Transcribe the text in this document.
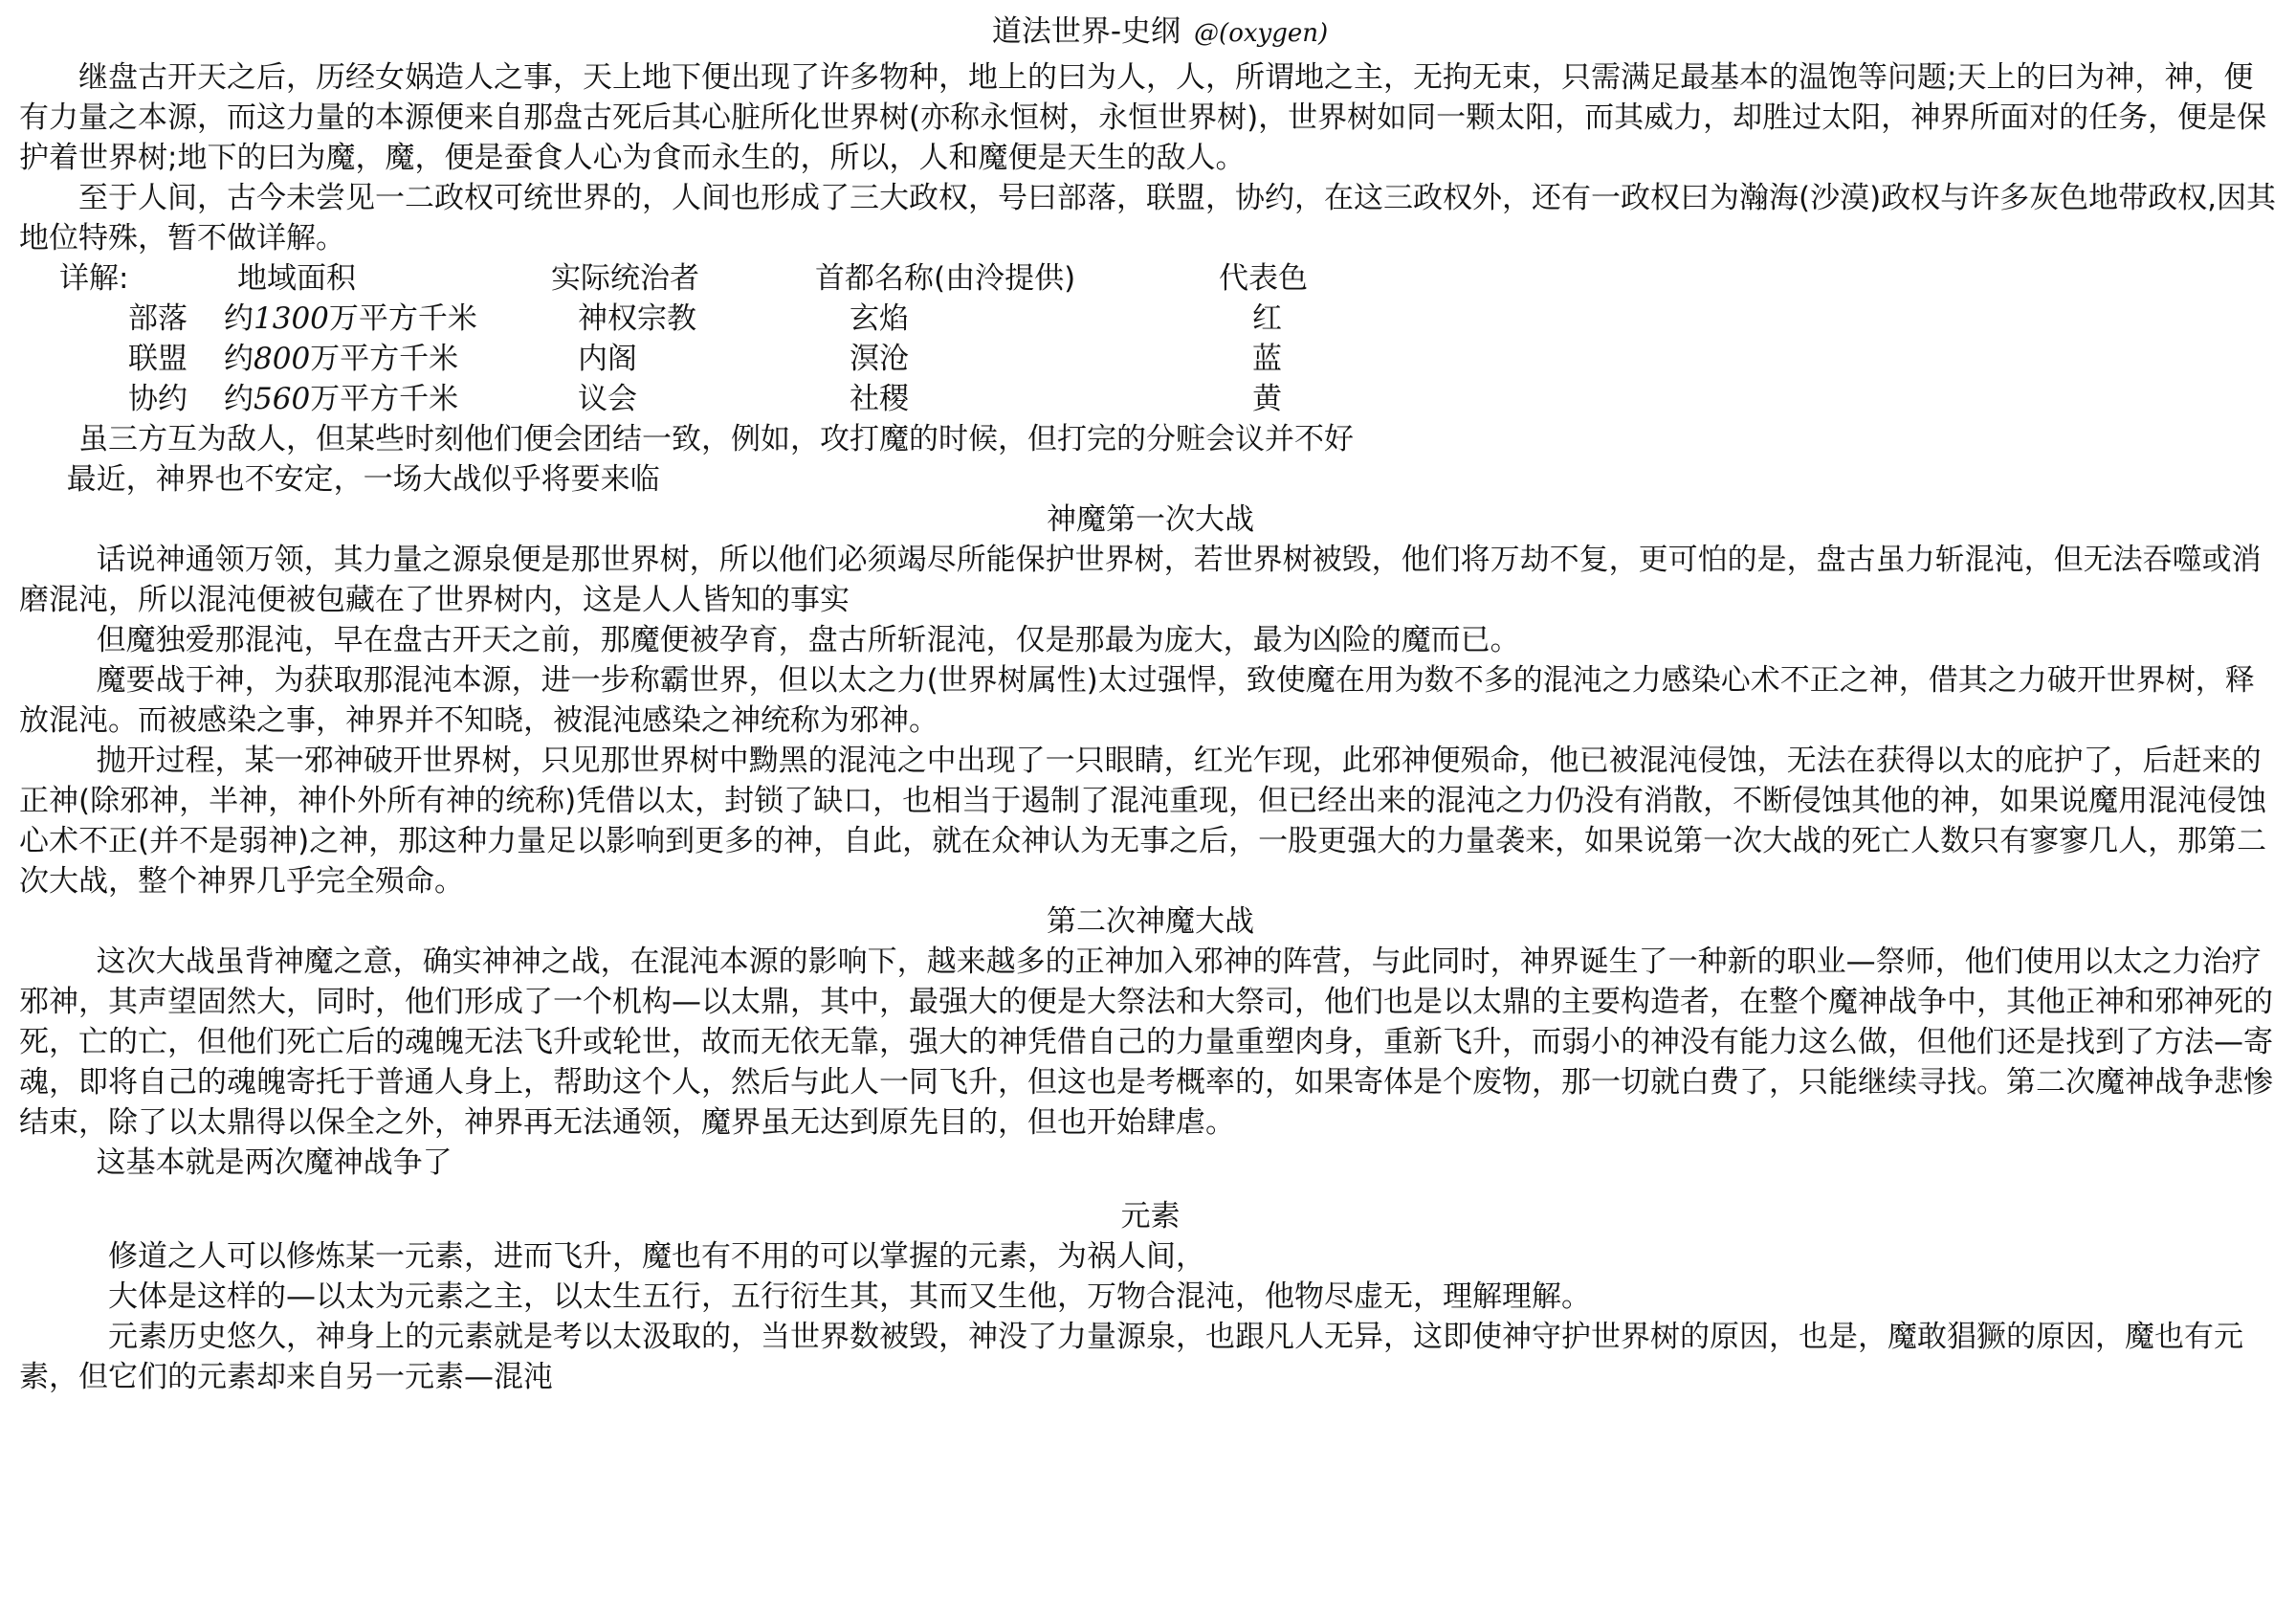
道法世界-史纲 @(oxygen)

继盘古开天之后，历经女娲造人之事，天上地下便出现了许多物种，地上的曰为人，人，所谓地之主，无拘无束，只需满足最基本的温饱等问题;天上的曰为神，神，便有力量之本源，而这力量的本源便来自那盘古死后其心脏所化世界树(亦称永恒树，永恒世界树)，世界树如同一颗太阳，而其威力，却胜过太阳，神界所面对的任务，便是保护着世界树;地下的曰为魔，魔，便是蚕食人心为食而永生的，所以，人和魔便是天生的敌人。

至于人间，古今未尝见一二政权可统世界的，人间也形成了三大政权，号曰部落，联盟，协约，在这三政权外，还有一政权曰为瀚海(沙漠)政权与许多灰色地带政权,因其地位特殊，暂不做详解。

详解:	地域面积	实际统治者	首都名称(由泠提供)	代表色
部落 约1300万平方千米	神权宗教	玄焰	红
联盟 约800万平方千米	内阁	溟沧	蓝
协约 约560万平方千米	议会	社稷	黄

虽三方互为敌人，但某些时刻他们便会团结一致，例如，攻打魔的时候，但打完的分赃会议并不好

最近，神界也不安定，一场大战似乎将要来临

神魔第一次大战

话说神通领万领，其力量之源泉便是那世界树，所以他们必须竭尽所能保护世界树，若世界树被毁，他们将万劫不复，更可怕的是，盘古虽力斩混沌，但无法吞噬或消磨混沌，所以混沌便被包藏在了世界树内，这是人人皆知的事实

但魔独爱那混沌，早在盘古开天之前，那魔便被孕育，盘古所斩混沌，仅是那最为庞大，最为凶险的魔而已。

魔要战于神，为获取那混沌本源，进一步称霸世界，但以太之力(世界树属性)太过强悍，致使魔在用为数不多的混沌之力感染心术不正之神，借其之力破开世界树，释放混沌。而被感染之事，神界并不知晓，被混沌感染之神统称为邪神。

抛开过程，某一邪神破开世界树，只见那世界树中黝黑的混沌之中出现了一只眼睛，红光乍现，此邪神便殒命，他已被混沌侵蚀，无法在获得以太的庇护了，后赶来的正神(除邪神，半神，神仆外所有神的统称)凭借以太，封锁了缺口，也相当于遏制了混沌重现，但已经出来的混沌之力仍没有消散，不断侵蚀其他的神，如果说魔用混沌侵蚀心术不正(并不是弱神)之神，那这种力量足以影响到更多的神，自此，就在众神认为无事之后，一股更强大的力量袭来，如果说第一次大战的死亡人数只有寥寥几人，那第二次大战，整个神界几乎完全殒命。

第二次神魔大战

这次大战虽背神魔之意，确实神神之战，在混沌本源的影响下，越来越多的正神加入邪神的阵营，与此同时，神界诞生了一种新的职业—祭师，他们使用以太之力治疗邪神，其声望固然大，同时，他们形成了一个机构—以太鼎，其中，最强大的便是大祭法和大祭司，他们也是以太鼎的主要构造者，在整个魔神战争中，其他正神和邪神死的死，亡的亡，但他们死亡后的魂魄无法飞升或轮世，故而无依无靠，强大的神凭借自己的力量重塑肉身，重新飞升，而弱小的神没有能力这么做，但他们还是找到了方法—寄魂，即将自己的魂魄寄托于普通人身上，帮助这个人，然后与此人一同飞升，但这也是考概率的，如果寄体是个废物，那一切就白费了，只能继续寻找。第二次魔神战争悲惨结束，除了以太鼎得以保全之外，神界再无法通领，魔界虽无达到原先目的，但也开始肆虐。

这基本就是两次魔神战争了

元素

修道之人可以修炼某一元素，进而飞升，魔也有不用的可以掌握的元素，为祸人间，

大体是这样的—以太为元素之主，以太生五行，五行衍生其，其而又生他，万物合混沌，他物尽虚无，理解理解。

元素历史悠久，神身上的元素就是考以太汲取的，当世界数被毁，神没了力量源泉，也跟凡人无异，这即使神守护世界树的原因，也是，魔敢猖獗的原因，魔也有元素，但它们的元素却来自另一元素—混沌
